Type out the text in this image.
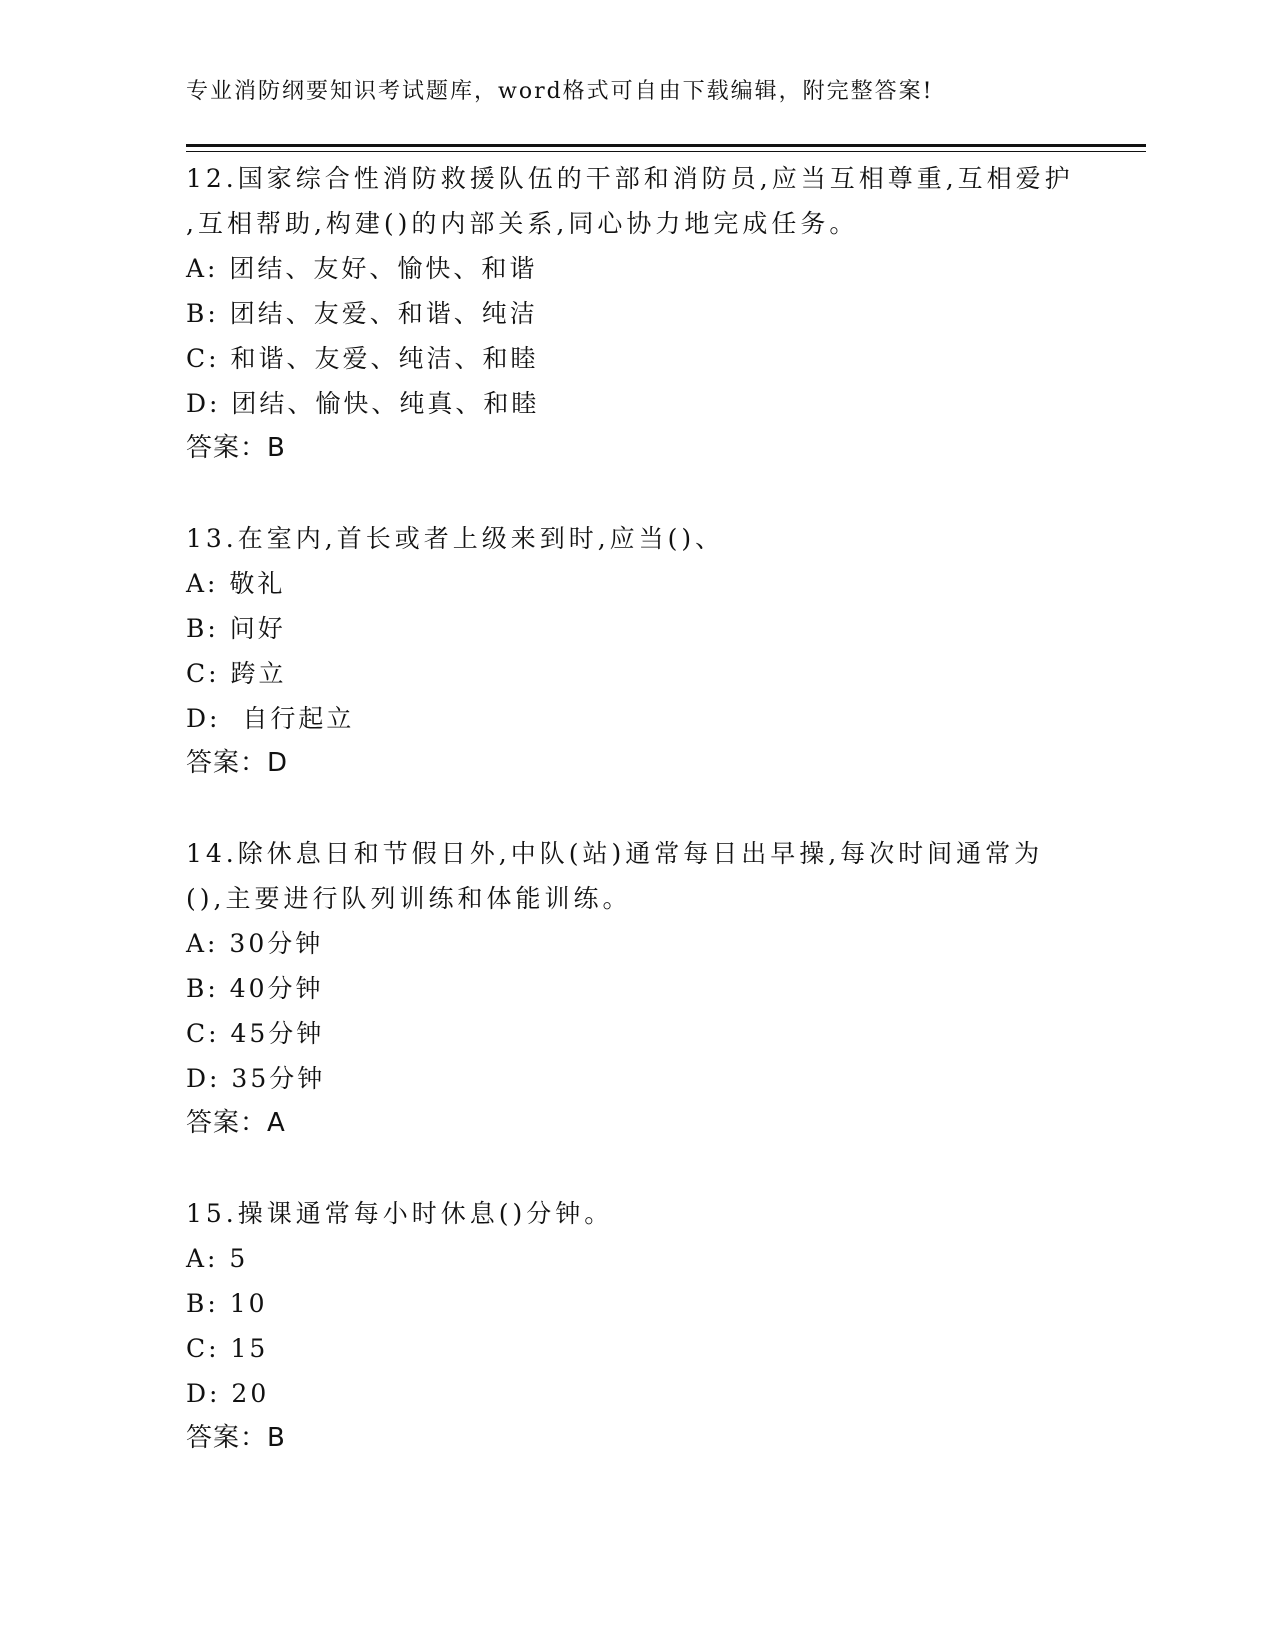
专业消防纲要知识考试题库，word格式可自由下载编辑，附完整答案!
12.国家综合性消防救援队伍的干部和消防员,应当互相尊重,互相爱护
,互相帮助,构建()的内部关系,同心协力地完成任务。
A: 团结、友好、愉快、和谐
B: 团结、友爱、和谐、纯洁
C: 和谐、友爱、纯洁、和睦
D: 团结、愉快、纯真、和睦
答案：B
13.在室内,首长或者上级来到时,应当()、
A: 敬礼
B: 问好
C: 跨立
D:  自行起立
答案：D
14.除休息日和节假日外,中队(站)通常每日出早操,每次时间通常为
(),主要进行队列训练和体能训练。
A: 30分钟
B: 40分钟
C: 45分钟
D: 35分钟
答案：A
15.操课通常每小时休息()分钟。
A: 5
B: 10
C: 15
D: 20
答案：B
